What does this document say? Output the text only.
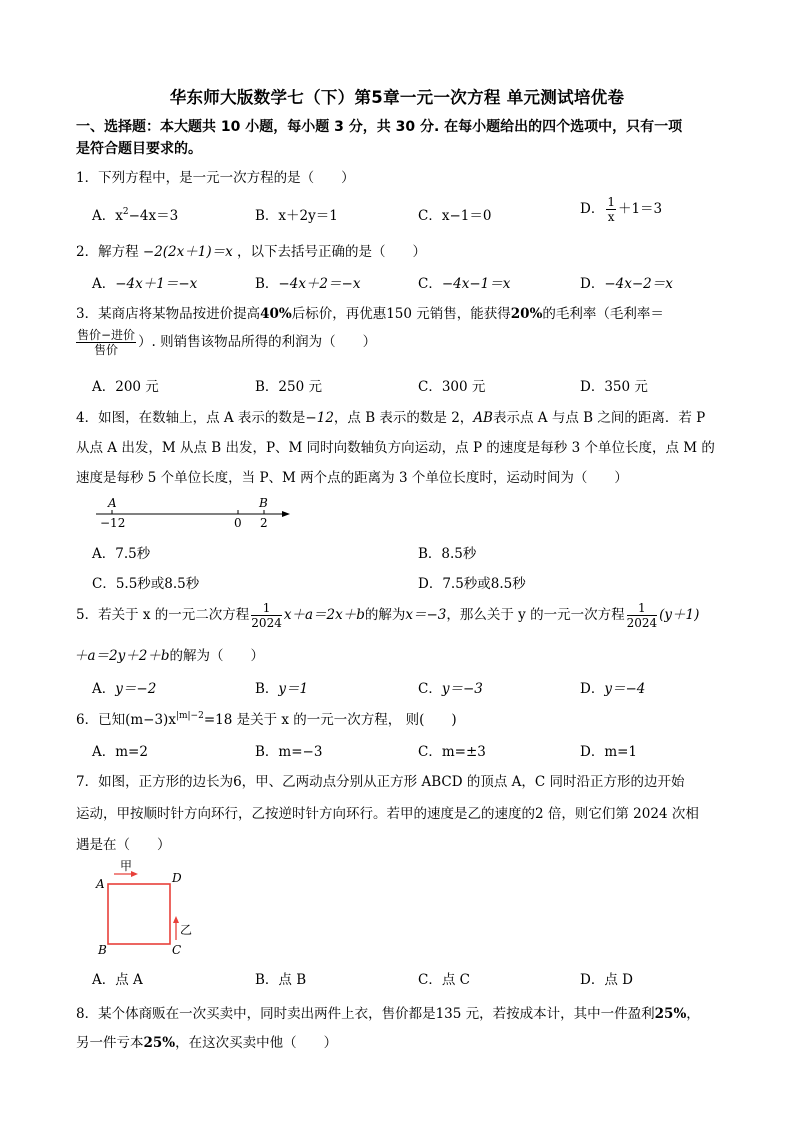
华东师大版数学七（下）第5章一元一次方程 单元测试培优卷
一、选择题：本大题共 10 小题，每小题 3 分，共 30 分. 在每小题给出的四个选项中，只有一项
是符合题目要求的。
1．下列方程中，是一元一次方程的是（　　）
A．$x^2-4x=3$	B．x＋2y＝1	C．x−1＝0	D． $\frac{1}{x} +1=3$
2．解方程 −2(2x＋1)＝x ，以下去括号正确的是（　　）
A．−4x＋1＝−x	B．−4x＋2＝−x	C．−4x−1＝x	D．−4x−2＝x
3．某商店将某物品按进价提高40%后标价，再优惠150 元销售，能获得20%的毛利率（毛利率＝
$\frac{\text{售价−进价}}{\text{售价}}$ ）. 则销售该物品所得的利润为（　　）
A．200 元	B．250 元	C．300 元	D．350 元
4．如图，在数轴上，点 A 表示的数是−12，点 B 表示的数是 2，AB表示点 A 与点 B 之间的距离．若 P
从点 A 出发，M 从点 B 出发，P、M 同时向数轴负方向运动，点 P 的速度是每秒 3 个单位长度，点 M 的
速度是每秒 5 个单位长度，当 P、M 两个点的距离为 3 个单位长度时，运动时间为（　　）
A	B
−12	0 2
A．7.5秒	B．8.5秒
C．5.5秒或8.5秒	D．7.5秒或8.5秒
5．若关于 x 的一元二次方程 $\frac{1}{2024} x+a=2x+b$的解为x＝−3，那么关于 y 的一元一次方程 $\frac{1}{2024} (y+1)$
＋a＝2y＋2＋b的解为（　　）
A．y＝−2	B．y＝1	C．y＝−3	D．y＝−4
6．已知$(m-3)x^{|m|-2}=18$ 是关于 x 的一元一次方程， 则(　　)
A．m=2	B．m=−3	C．m=±3	D．m=1
7．如图，正方形的边长为6，甲、乙两动点分别从正方形 ABCD 的顶点 A，C 同时沿正方形的边开始
运动，甲按顺时针方向环行，乙按逆时针方向环行。若甲的速度是乙的速度的2 倍，则它们第 2024 次相
遇是在（　　）
甲
乙
A	D
B	C
A．点 A	B．点 B	C．点 C	D．点 D
8．某个体商贩在一次买卖中，同时卖出两件上衣，售价都是135 元，若按成本计，其中一件盈利25%，
另一件亏本25%，在这次买卖中他（　　）
